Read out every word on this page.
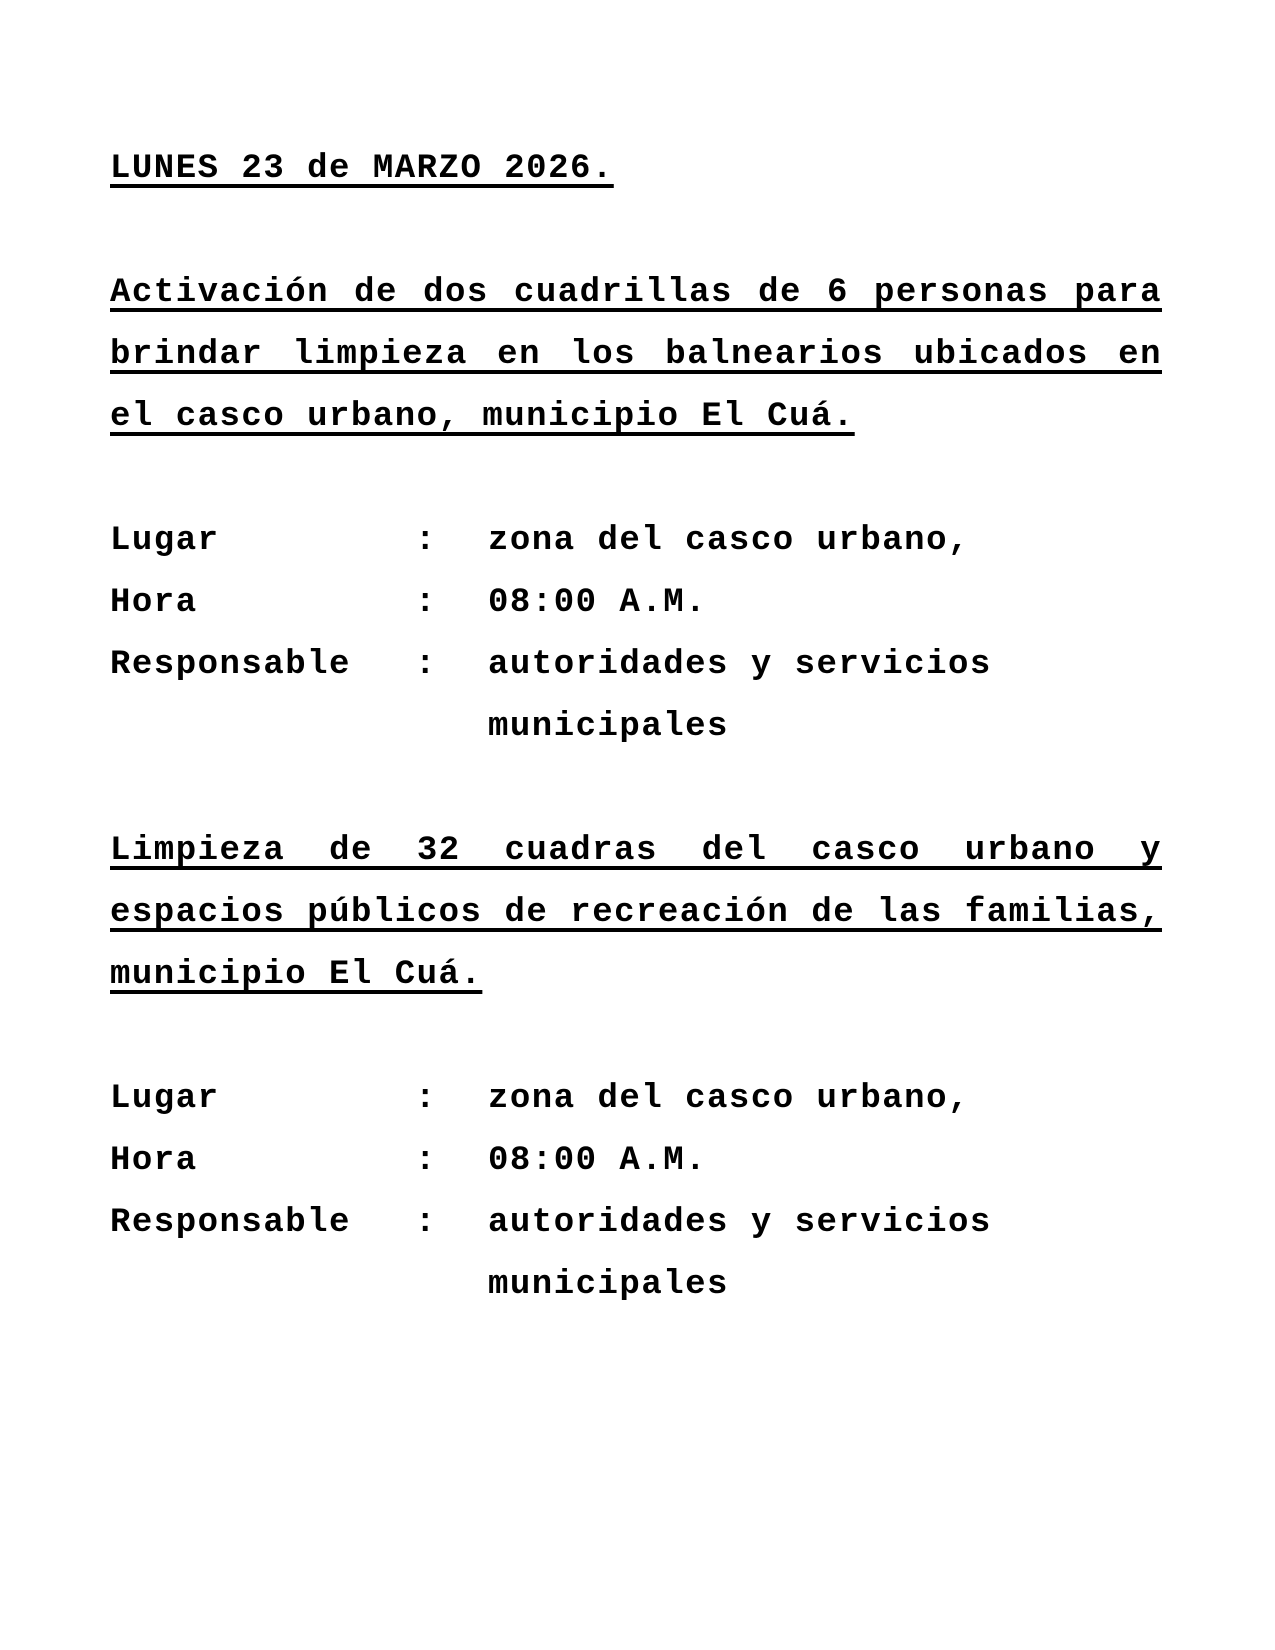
LUNES 23 de MARZO 2026.
Activación de dos cuadrillas de 6 personas para
brindar limpieza en los balnearios ubicados en
el casco urbano, municipio El Cuá.
Lugar	:	zona del casco urbano,
Hora	:	08:00 A.M.
Responsable	:	autoridades y servicios
municipales
Limpieza de 32 cuadras del casco urbano y
espacios públicos de recreación de las familias,
municipio El Cuá.
Lugar	:	zona del casco urbano,
Hora	:	08:00 A.M.
Responsable	:	autoridades y servicios
municipales
